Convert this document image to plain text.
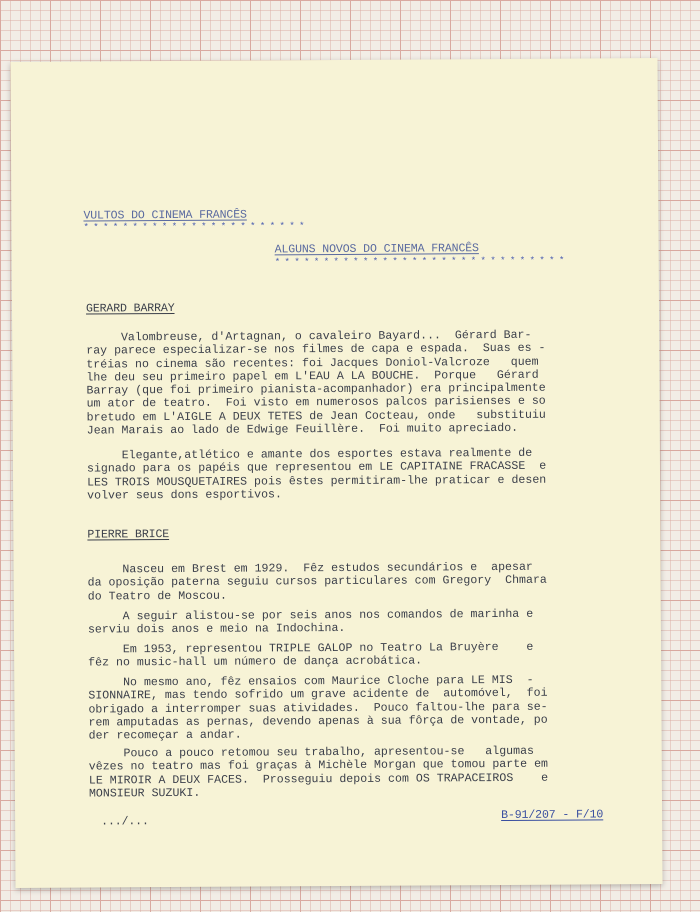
VULTOS DO CINEMA FRANCÊS
* * * * * * * * * * * * * * * * * * * * * * *
ALGUNS NOVOS DO CINEMA FRANCÊS
* * * * * * * * * * * * * * * * * * * * * * * * * * * * * *
GERARD BARRAY
Valombreuse, d'Artagnan, o cavaleiro Bayard...  Gérard Bar-
ray parece especializar-se nos filmes de capa e espada.  Suas es -
tréias no cinema são recentes: foi Jacques Doniol-Valcroze   quem
lhe deu seu primeiro papel em L'EAU A LA BOUCHE.  Porque   Gérard
Barray (que foi primeiro pianista-acompanhador) era principalmente
um ator de teatro.  Foi visto em numerosos palcos parisienses e so
bretudo em L'AIGLE A DEUX TETES de Jean Cocteau, onde   substituiu
Jean Marais ao lado de Edwige Feuillère.  Foi muito apreciado.
Elegante,atlético e amante dos esportes estava realmente de
signado para os papéis que representou em LE CAPITAINE FRACASSE  e
LES TROIS MOUSQUETAIRES pois êstes permitiram-lhe praticar e desen
volver seus dons esportivos.
PIERRE BRICE
Nasceu em Brest em 1929.  Fêz estudos secundários e  apesar
da oposição paterna seguiu cursos particulares com Gregory  Chmara
do Teatro de Moscou.
A seguir alistou-se por seis anos nos comandos de marinha e
serviu dois anos e meio na Indochina.
Em 1953, representou TRIPLE GALOP no Teatro La Bruyère    e
fêz no music-hall um número de dança acrobática.
No mesmo ano, fêz ensaios com Maurice Cloche para LE MIS  -
SIONNAIRE, mas tendo sofrido um grave acidente de  automóvel,  foi
obrigado a interromper suas atividades.  Pouco faltou-lhe para se-
rem amputadas as pernas, devendo apenas à sua fôrça de vontade, po
der recomeçar a andar.
Pouco a pouco retomou seu trabalho, apresentou-se   algumas
vêzes no teatro mas foi graças à Michèle Morgan que tomou parte em
LE MIROIR A DEUX FACES.  Prosseguiu depois com OS TRAPACEIROS    e
MONSIEUR SUZUKI.
.../...	B-91/207 - F/10
